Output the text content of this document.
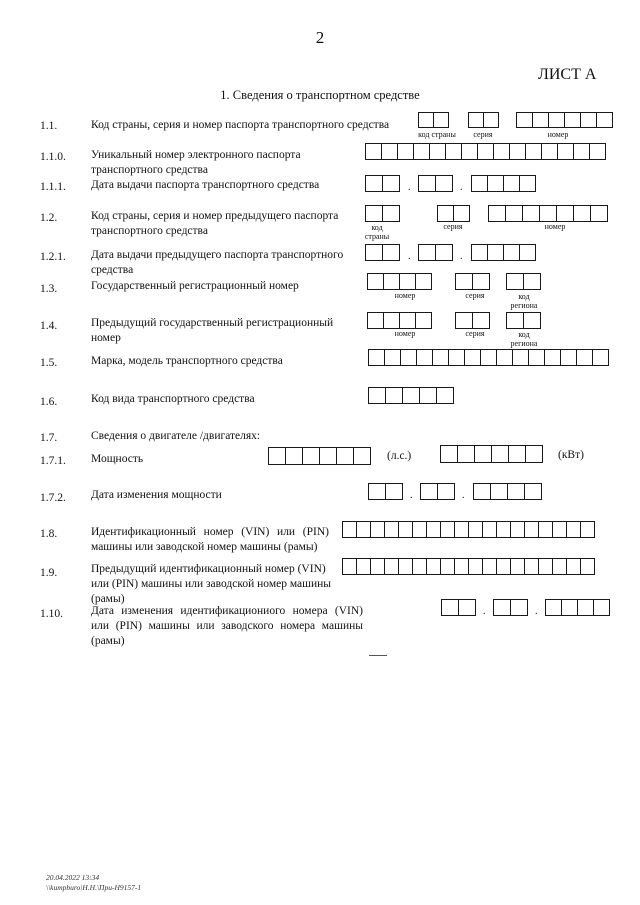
2
ЛИСТ А
1. Сведения о транспортном средстве
1.1.	Код страны, серия и номер паспорта транспортного средства
код страны	серия	номер
1.1.0. Уникальный номер электронного паспорта транспортного средства
1.1.1. Дата выдачи паспорта транспортного средства	.	.
1.2.	Код страны, серия и номер предыдущего паспорта транспортного средства	код страны
серия	номер
1.2.1. Дата выдачи предыдущего паспорта транспортного средства
.	.
1.3.	Государственный регистрационный номер
номер	серия	код региона
1.4.	Предыдущий государственный регистрационный номер	номер	серия	код региона
1.5.	Марка, модель транспортного средства
1.6.	Код вида транспортного средства
1.7.	Сведения о двигателе /двигателях:
1.7.1. Мощность	(л.с.)	(кВт)
1.7.2. Дата изменения мощности	.	.
1.8.	Идентификационный номер (VIN) или (PIN) машины или заводской номер машины (рамы)
1.9.	Предыдущий идентификационный номер (VIN) или (PIN) машины или заводской номер машины (рамы)
1.10. Дата изменения идентификациониого номера (VIN) или (PIN) машины или заводского номера машины (рамы)
.	.
20.04.2022 13:34
\\kumpburo\Н.Н.\При-Н9157-1
